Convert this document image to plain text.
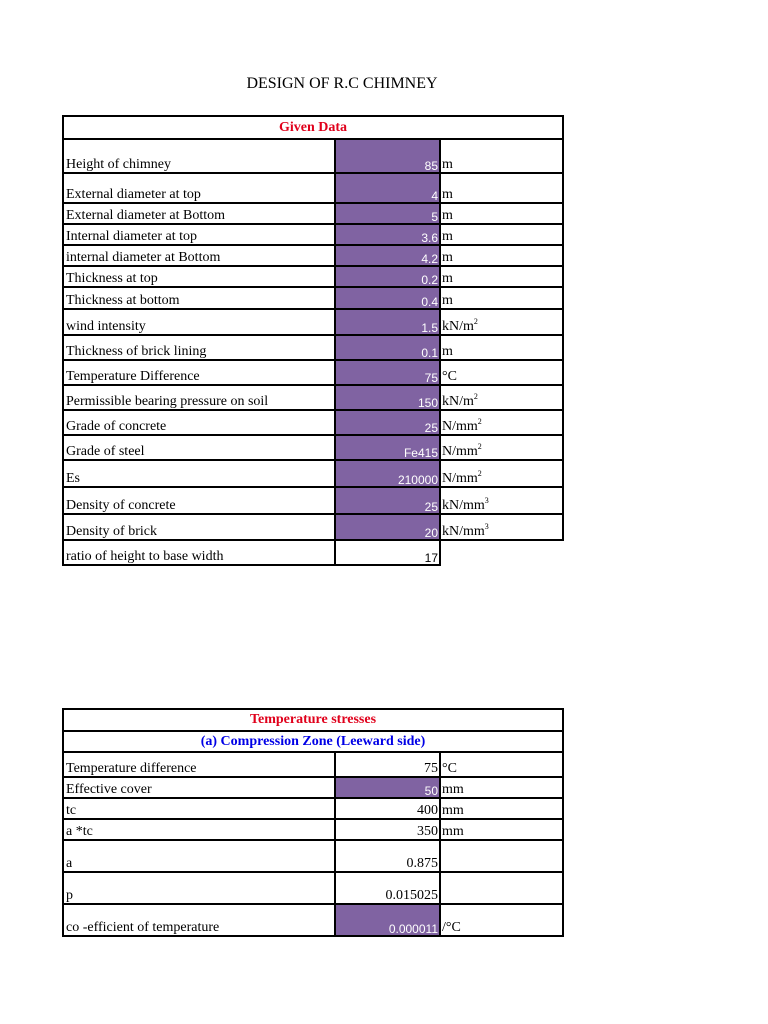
DESIGN OF R.C CHIMNEY
Given Data		
Height of chimney	85	m
External diameter at top	4	m
External diameter at Bottom	5	m
Internal diameter at top	3.6	m
internal diameter at Bottom	4.2	m
Thickness at top	0.2	m
Thickness at bottom	0.4	m
wind intensity	1.5	$kN/m^2$
Thickness of brick lining	0.1	m
Temperature Difference	75	°C
Permissible bearing pressure on soil	150	$kN/m^2$
Grade of concrete	25	$N/mm^2$
Grade of steel	Fe415	$N/mm^2$
Es	210000	$N/mm^2$
Density of concrete	25	$kN/mm^3$
Density of brick	20	$kN/mm^3$
ratio of height to base width	17	
Temperature stresses		
(a) Compression Zone (Leeward side)		
Temperature difference	75	°C
Effective cover	50	mm
tc	400	mm
a *tc	350	mm
a	0.875	
p	0.015025	
co -efficient of temperature	0.000011	/°C
